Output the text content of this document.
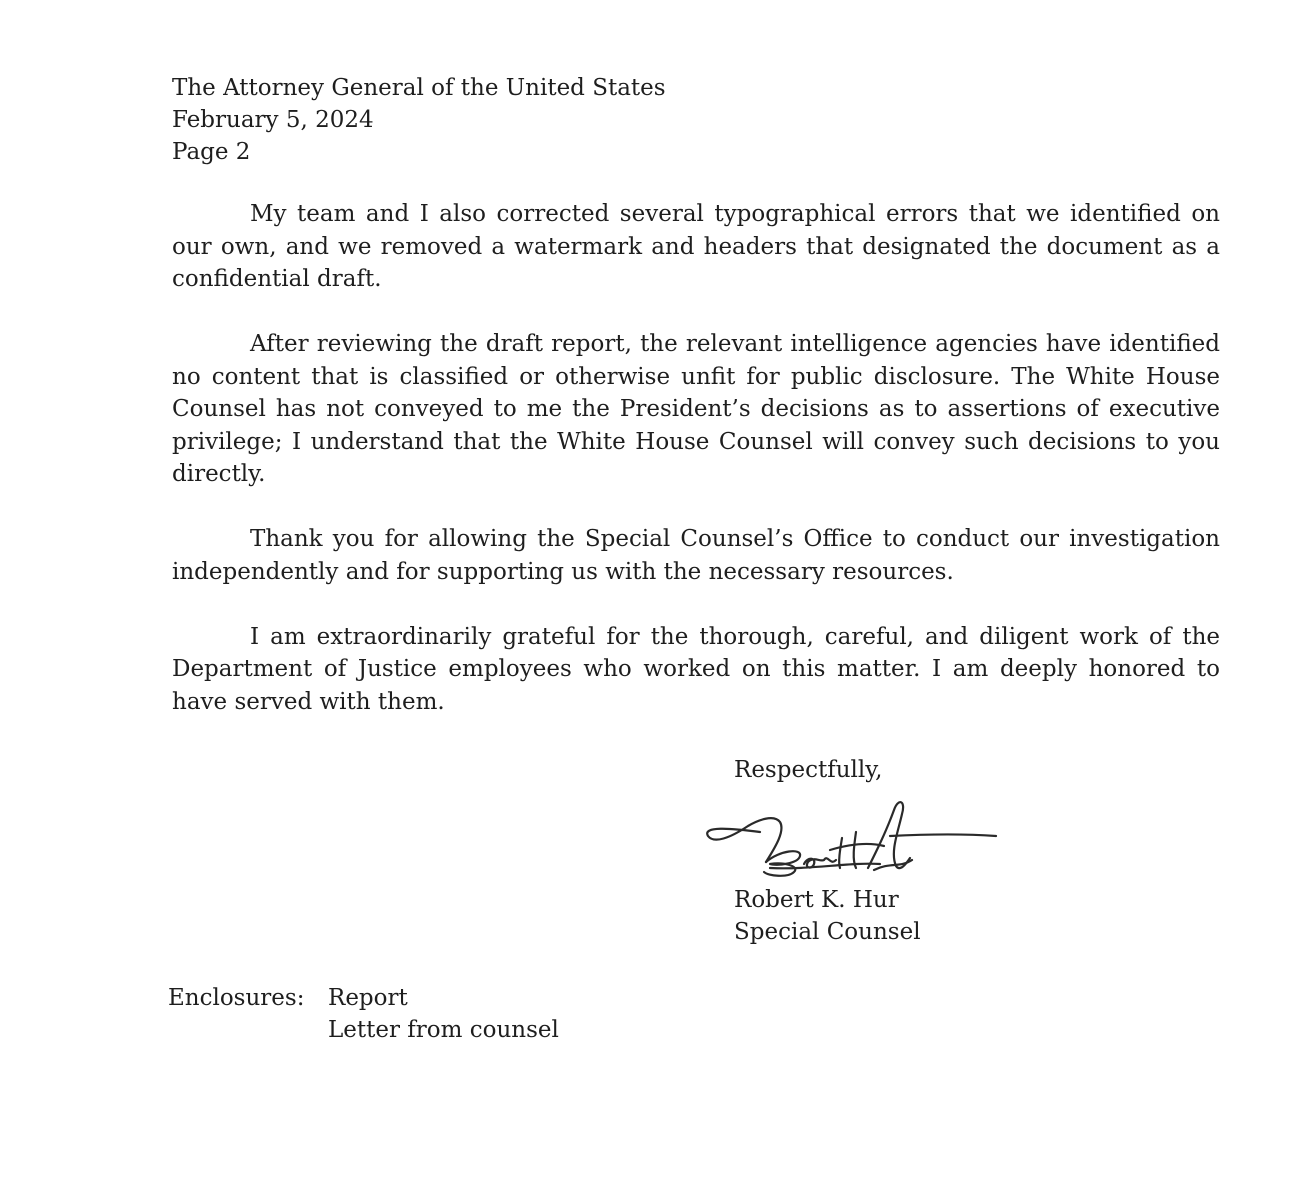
The Attorney General of the United States
February 5, 2024
Page 2

My team and I also corrected several typographical errors that we identified on our own, and we removed a watermark and headers that designated the document as a confidential draft.

After reviewing the draft report, the relevant intelligence agencies have identified no content that is classified or otherwise unfit for public disclosure. The White House Counsel has not conveyed to me the President’s decisions as to assertions of executive privilege; I understand that the White House Counsel will convey such decisions to you directly.

Thank you for allowing the Special Counsel’s Office to conduct our investigation independently and for supporting us with the necessary resources.

I am extraordinarily grateful for the thorough, careful, and diligent work of the Department of Justice employees who worked on this matter. I am deeply honored to have served with them.

Respectfully,
Robert K. Hur
Special Counsel
Enclosures:	Report
Letter from counsel
